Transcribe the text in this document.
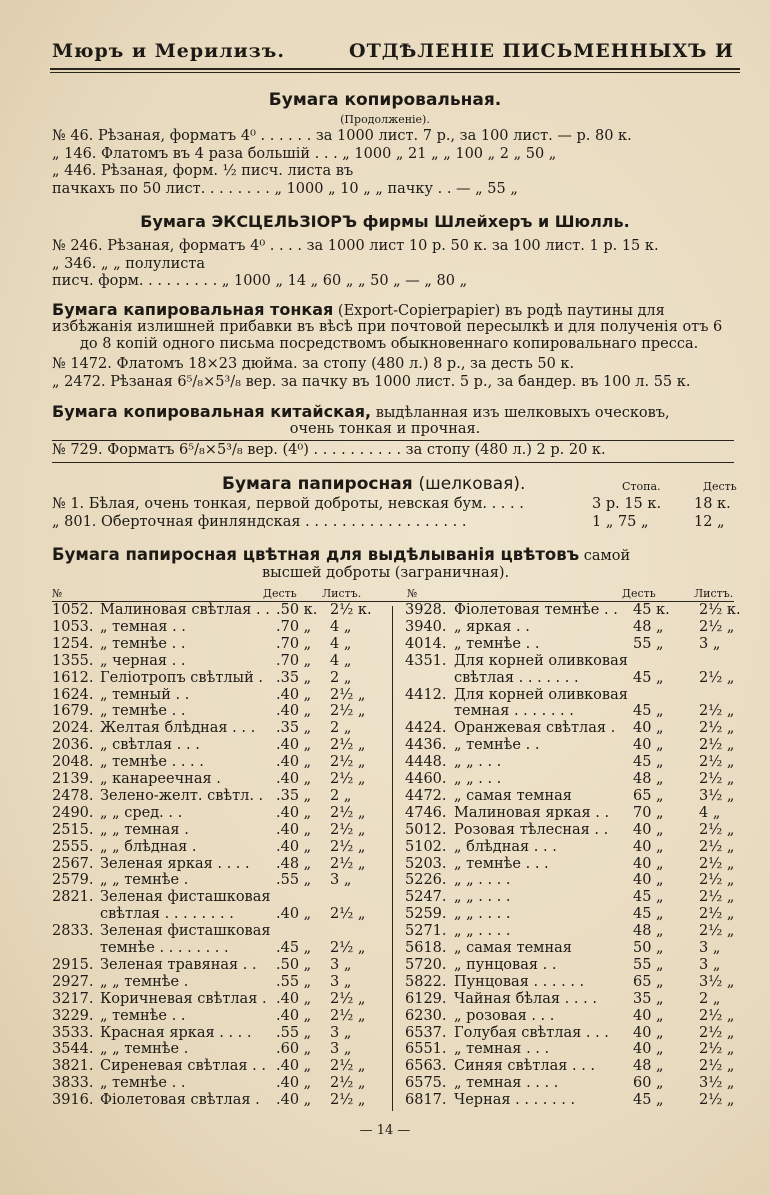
Мюръ и Мерилизъ.	ОТДѢЛЕНІЕ ПИСЬМЕННЫХЪ И
Бумага копировальная.
(Продолженіе).
№ 46. Рѣзаная, форматъ 4⁰ . . . . . . за 1000 лист. 7 р., за 100 лист. — р. 80 к.
„ 146. Флатомъ въ 4 раза большій . . . „ 1000 „ 21 „ „ 100 „ 2 „ 50 „
„ 446. Рѣзаная, форм. ½ писч. листа въ
пачкахъ по 50 лист. . . . . . . . „ 1000 „ 10 „ „ пачку . . — „ 55 „
Бумага ЭКСЦЕЛЬЗІОРЪ фирмы Шлейхеръ и Шюлль.
№ 246. Рѣзаная, форматъ 4⁰ . . . . за 1000 лист 10 р. 50 к. за 100 лист. 1 р. 15 к.
„ 346. „ „ полулиста
писч. форм. . . . . . . . . „ 1000 „ 14 „ 60 „ „ 50 „ — „ 80 „
Бумага капировальная тонкая (Export-Copierpapier) въ родѣ паутины для
избѣжанія излишней прибавки въ вѣсѣ при почтовой пересылкѣ и для полученія отъ 6
до 8 копій одного письма посредствомъ обыкновеннаго копировальнаго пресса.
№ 1472. Флатомъ 18×23 дюйма. за стопу (480 л.) 8 р., за десть 50 к.
„ 2472. Рѣзаная 6⁵/₈×5³/₈ вер. за пачку въ 1000 лист. 5 р., за бандер. въ 100 л. 55 к.
Бумага копировальная китайская, выдѣланная изъ шелковыхъ оческовъ,
очень тонкая и прочная.
№ 729. Форматъ 6⁵/₈×5³/₈ вер. (4⁰) . . . . . . . . . . за стопу (480 л.) 2 р. 20 к.
Бумага папиросная (шелковая).	Стопа.	Десть
№ 1. Бѣлая, очень тонкая, первой доброты, невская бум. . . . .	3 р. 15 к. 18 к.
„ 801. Оберточная финляндская . . . . . . . . . . . . . . . . . .	1 „ 75 „	12 „
Бумага папиросная цвѣтная для выдѣлыванія цвѣтовъ самой
высшей доброты (заграничная).
№	Десть Листъ.	№	Десть	Листъ.
1052. Малиновая свѣтлая . . .50 к. 2½ к.
1053. „ темная . .	.70 „ 4 „
1254. „ темнѣе . .	.70 „ 4 „
1355. „ черная . .	.70 „ 4 „
1612. Геліотропъ свѣтлый . .35 „ 2 „
1624. „ темный . .	.40 „ 2½ „
1679. „ темнѣе . .	.40 „ 2½ „
2024. Желтая блѣдная . . . .35 „ 2 „
2036. „ свѣтлая . . .	.40 „ 2½ „
2048. „ темнѣе . . . .	.40 „ 2½ „
2139. „ канареечная .	.40 „ 2½ „
2478. Зелено-желт. свѣтл. . .35 „ 2 „
2490. „ „ сред. . .	.40 „ 2½ „
2515. „ „ темная .	.40 „ 2½ „
2555. „ „ блѣдная .	.40 „ 2½ „
2567. Зеленая яркая . . . . .48 „ 2½ „
2579. „ „ темнѣе .	.55 „ 3 „
2821. Зеленая фисташковая
свѣтлая . . . . . . . .	.40 „ 2½ „
2833. Зеленая фисташковая
темнѣе . . . . . . . .	.45 „ 2½ „
2915. Зеленая травяная . . .50 „ 3 „
2927. „ „ темнѣе .	.55 „ 3 „
3217. Коричневая свѣтлая . .40 „ 2½ „
3229. „ темнѣе . .	.40 „ 2½ „
3533. Красная яркая . . . . .55 „ 3 „
3544. „ „ темнѣе .	.60 „ 3 „
3821. Сиреневая свѣтлая . . .40 „ 2½ „
3833. „ темнѣе . .	.40 „ 2½ „
3916. Фіолетовая свѣтлая . .40 „ 2½ „
3928. Фіолетовая темнѣе . . 45 к. 2½ к.
3940. „ яркая . .	48 „ 2½ „
4014. „ темнѣе . .	55 „ 3 „
4351. Для корней оливковая
свѣтлая . . . . . . .	45 „ 2½ „
4412. Для корней оливковая
темная . . . . . . .	45 „ 2½ „
4424. Оранжевая свѣтлая . 40 „ 2½ „
4436. „ темнѣе . .	40 „ 2½ „
4448. „ „ . . .	45 „ 2½ „
4460. „ „ . . .	48 „ 2½ „
4472. „ самая темная	65 „ 3½ „
4746. Малиновая яркая . . 70 „ 4 „
5012. Розовая тѣлесная . . 40 „ 2½ „
5102. „ блѣдная . . .	40 „ 2½ „
5203. „ темнѣе . . .	40 „ 2½ „
5226. „ „ . . . .	40 „ 2½ „
5247. „ „ . . . .	45 „ 2½ „
5259. „ „ . . . .	45 „ 2½ „
5271. „ „ . . . .	48 „ 2½ „
5618. „ самая темная	50 „ 3 „
5720. „ пунцовая . .	55 „ 3 „
5822. Пунцовая . . . . . .	65 „ 3½ „
6129. Чайная бѣлая . . . . 35 „ 2 „
6230. „ розовая . . .	40 „ 2½ „
6537. Голубая свѣтлая . . . 40 „ 2½ „
6551. „ темная . . .	40 „ 2½ „
6563. Синяя свѣтлая . . .	48 „ 2½ „
6575. „ темная . . . .	60 „ 3½ „
6817. Черная . . . . . . .	45 „ 2½ „
— 14 —
